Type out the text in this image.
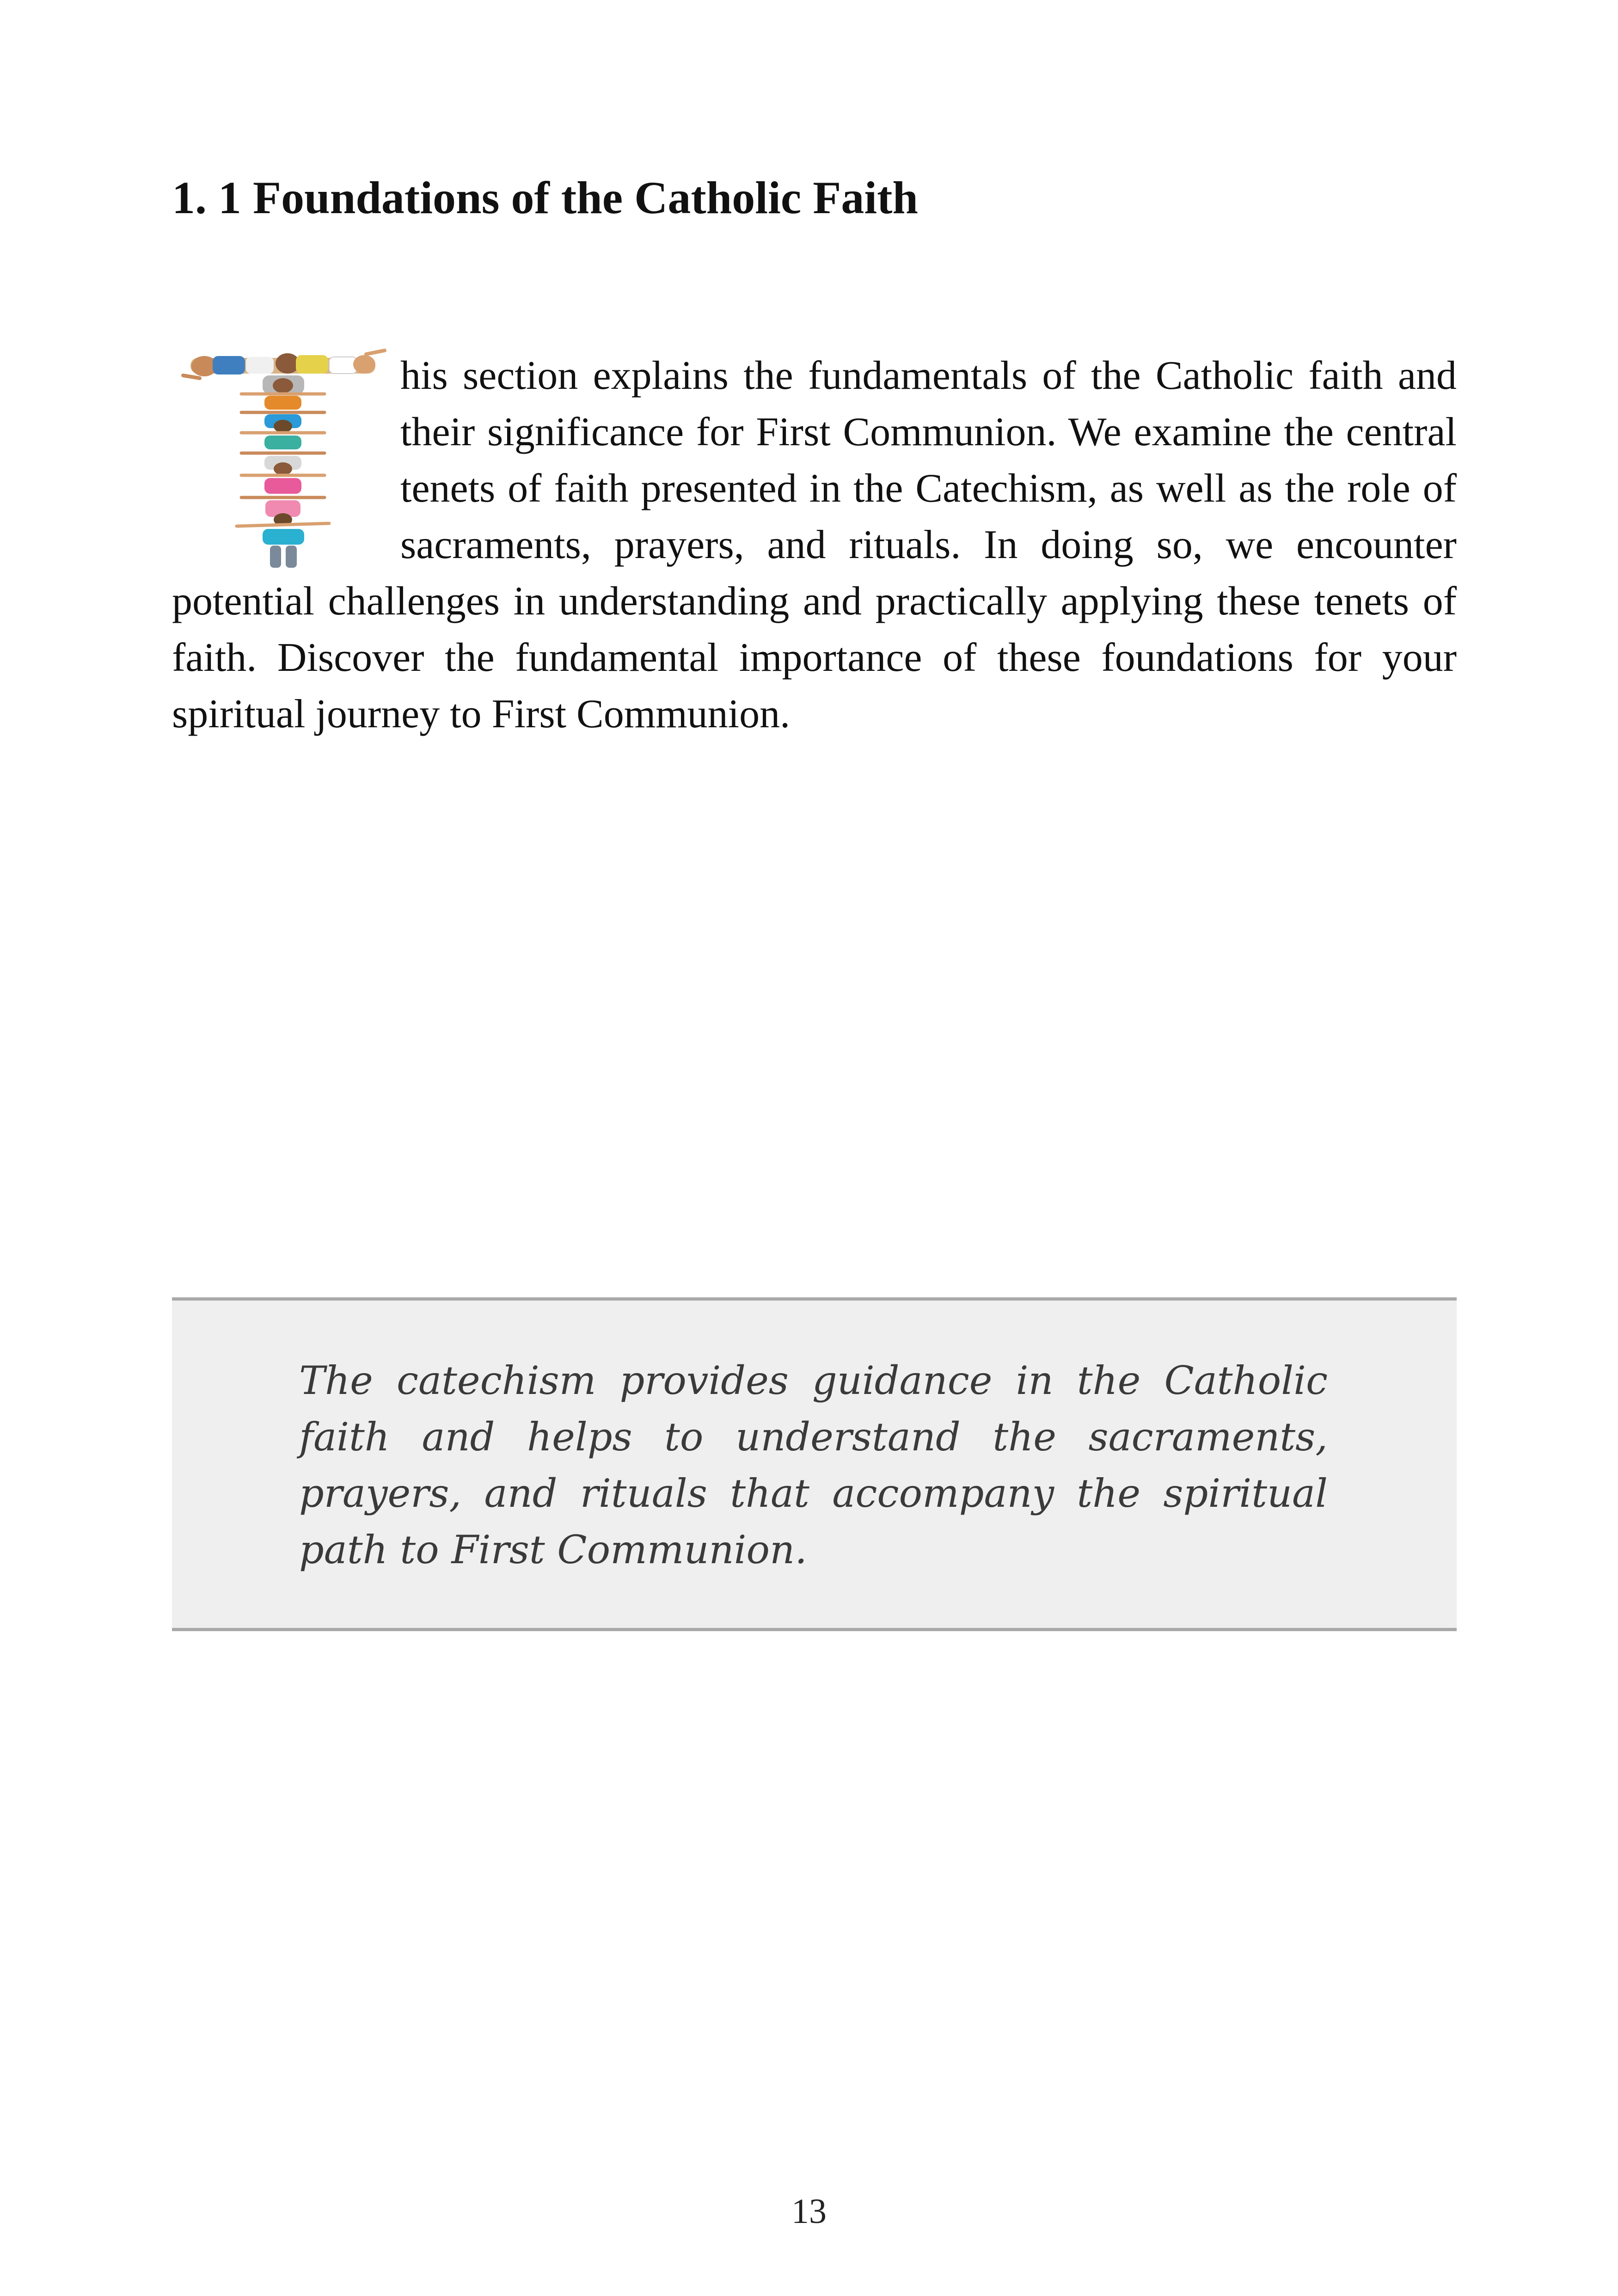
1. 1 Foundations of the Catholic Faith

his section explains the fundamentals of the Catholic faith and their significance for First Communion. We examine the central tenets of faith presented in the Catechism, as well as the role of sacraments, prayers, and rituals. In doing so, we encounter potential challenges in understanding and practically applying these tenets of faith. Discover the fundamental importance of these foundations for your spiritual journey to First Communion.

The catechism provides guidance in the Catholic faith and helps to understand the sacraments, prayers, and rituals that accompany the spiritual path to First Communion.

13
